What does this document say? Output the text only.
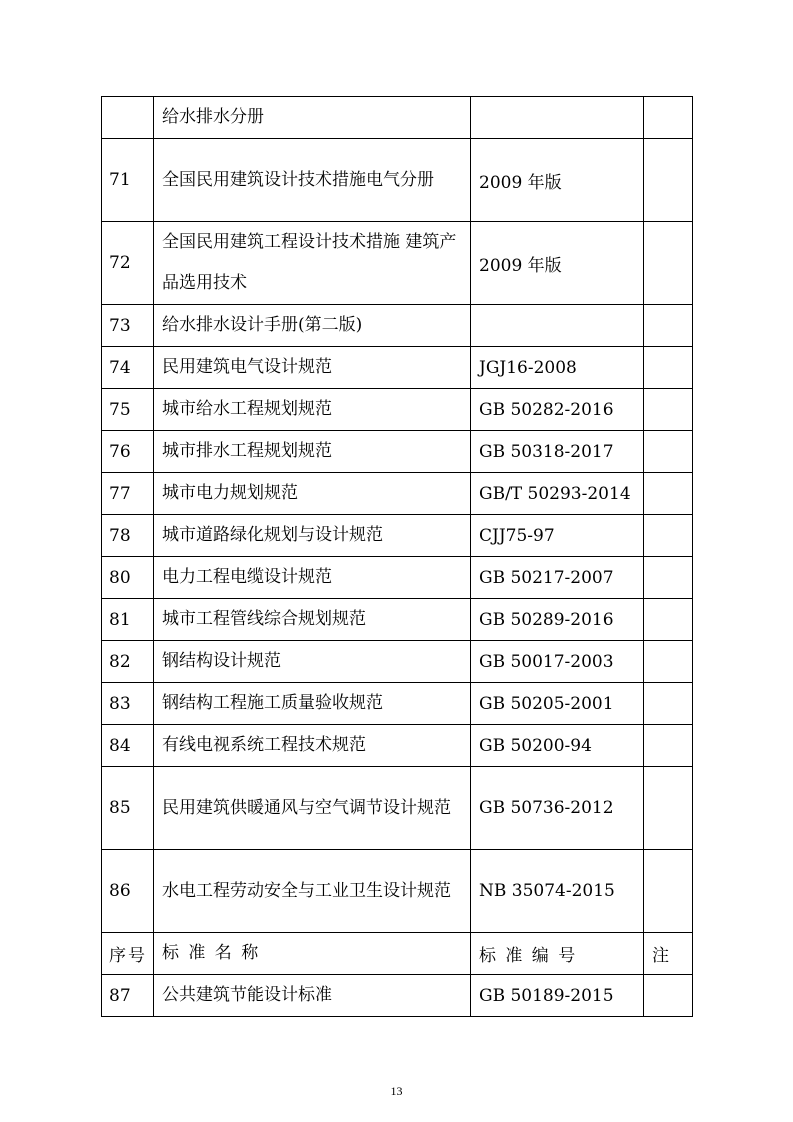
	给水排水分册		
71	全国民用建筑设计技术措施电气分册	2009 年版	
72	全国民用建筑工程设计技术措施 建筑产品选用技术	2009 年版	
73	给水排水设计手册(第二版)		
74	民用建筑电气设计规范	JGJ16-2008	
75	城市给水工程规划规范	GB 50282-2016	
76	城市排水工程规划规范	GB 50318-2017	
77	城市电力规划规范	GB/T 50293-2014	
78	城市道路绿化规划与设计规范	CJJ75-97	
80	电力工程电缆设计规范	GB 50217-2007	
81	城市工程管线综合规划规范	GB 50289-2016	
82	钢结构设计规范	GB 50017-2003	
83	钢结构工程施工质量验收规范	GB 50205-2001	
84	有线电视系统工程技术规范	GB 50200-94	
85	民用建筑供暖通风与空气调节设计规范	GB 50736-2012	
86	水电工程劳动安全与工业卫生设计规范	NB 35074-2015	
序号	标 准 名 称	标 准 编 号	注
87	公共建筑节能设计标准	GB 50189-2015	
13
